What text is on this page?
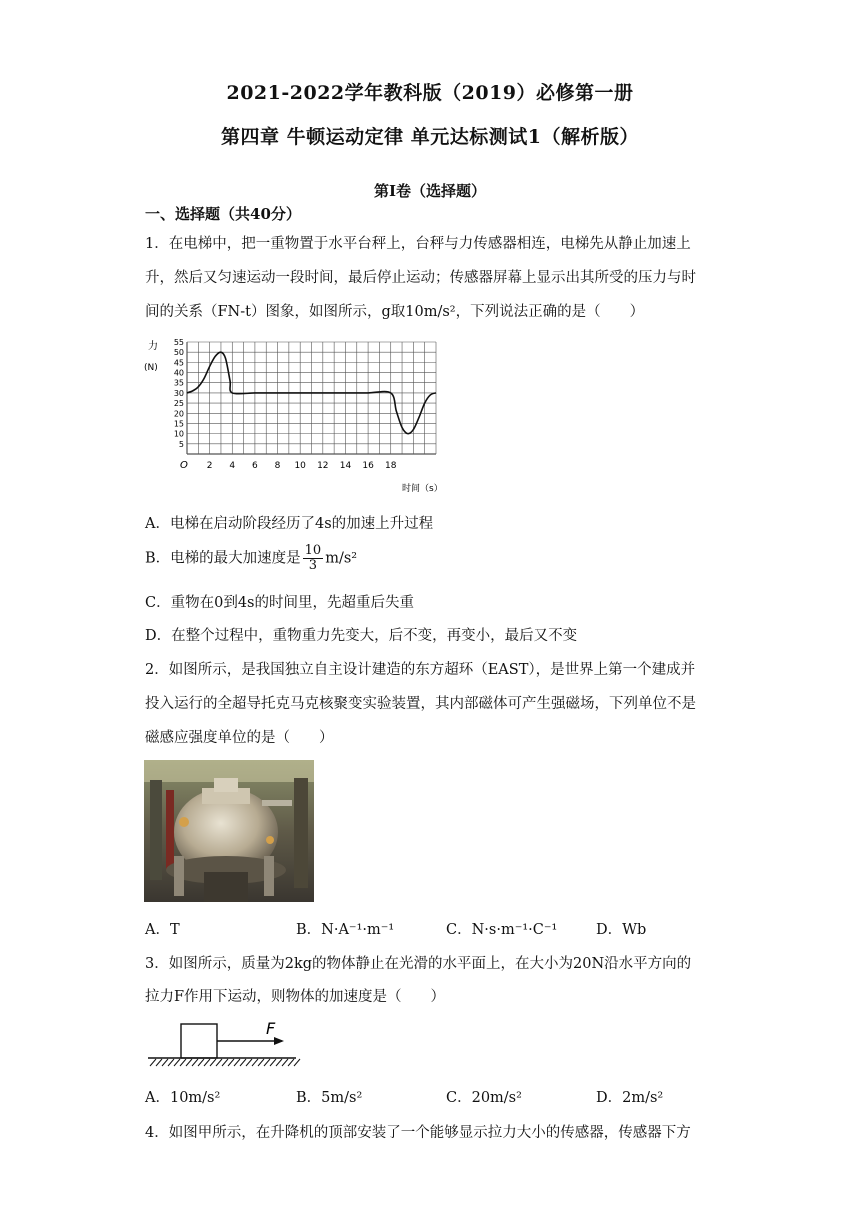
2021-2022学年教科版（2019）必修第一册
第四章 牛顿运动定律 单元达标测试1（解析版）
第I卷（选择题）
一、选择题（共40分）
1．在电梯中，把一重物置于水平台秤上，台秤与力传感器相连，电梯先从静止加速上
升，然后又匀速运动一段时间，最后停止运动；传感器屏幕上显示出其所受的压力与时
间的关系（FN-t）图象，如图所示，g取10m/s²，下列说法正确的是（　　）
5
10
15
20
25
30
35
40
45
50
55
2 4 6 8 10 12 14 16 18
力
(N)
O
时间（s）
A．电梯在启动阶段经历了4s的加速上升过程
B．电梯的最大加速度是 $\frac{10}{3} m/s^2$
C．重物在0到4s的时间里，先超重后失重
D．在整个过程中，重物重力先变大，后不变，再变小，最后又不变
2．如图所示，是我国独立自主设计建造的东方超环（EAST），是世界上第一个建成并
投入运行的全超导托克马克核聚变实验装置，其内部磁体可产生强磁场，下列单位不是
磁感应强度单位的是（　　）
A．T	B．N·A⁻¹·m⁻¹	C．N·s·m⁻¹·C⁻¹	D．Wb
3．如图所示，质量为2kg的物体静止在光滑的水平面上，在大小为20N沿水平方向的
拉力F作用下运动，则物体的加速度是（　　）
F
A．10m/s²	B．5m/s²	C．20m/s²	D．2m/s²
4．如图甲所示，在升降机的顶部安装了一个能够显示拉力大小的传感器，传感器下方
